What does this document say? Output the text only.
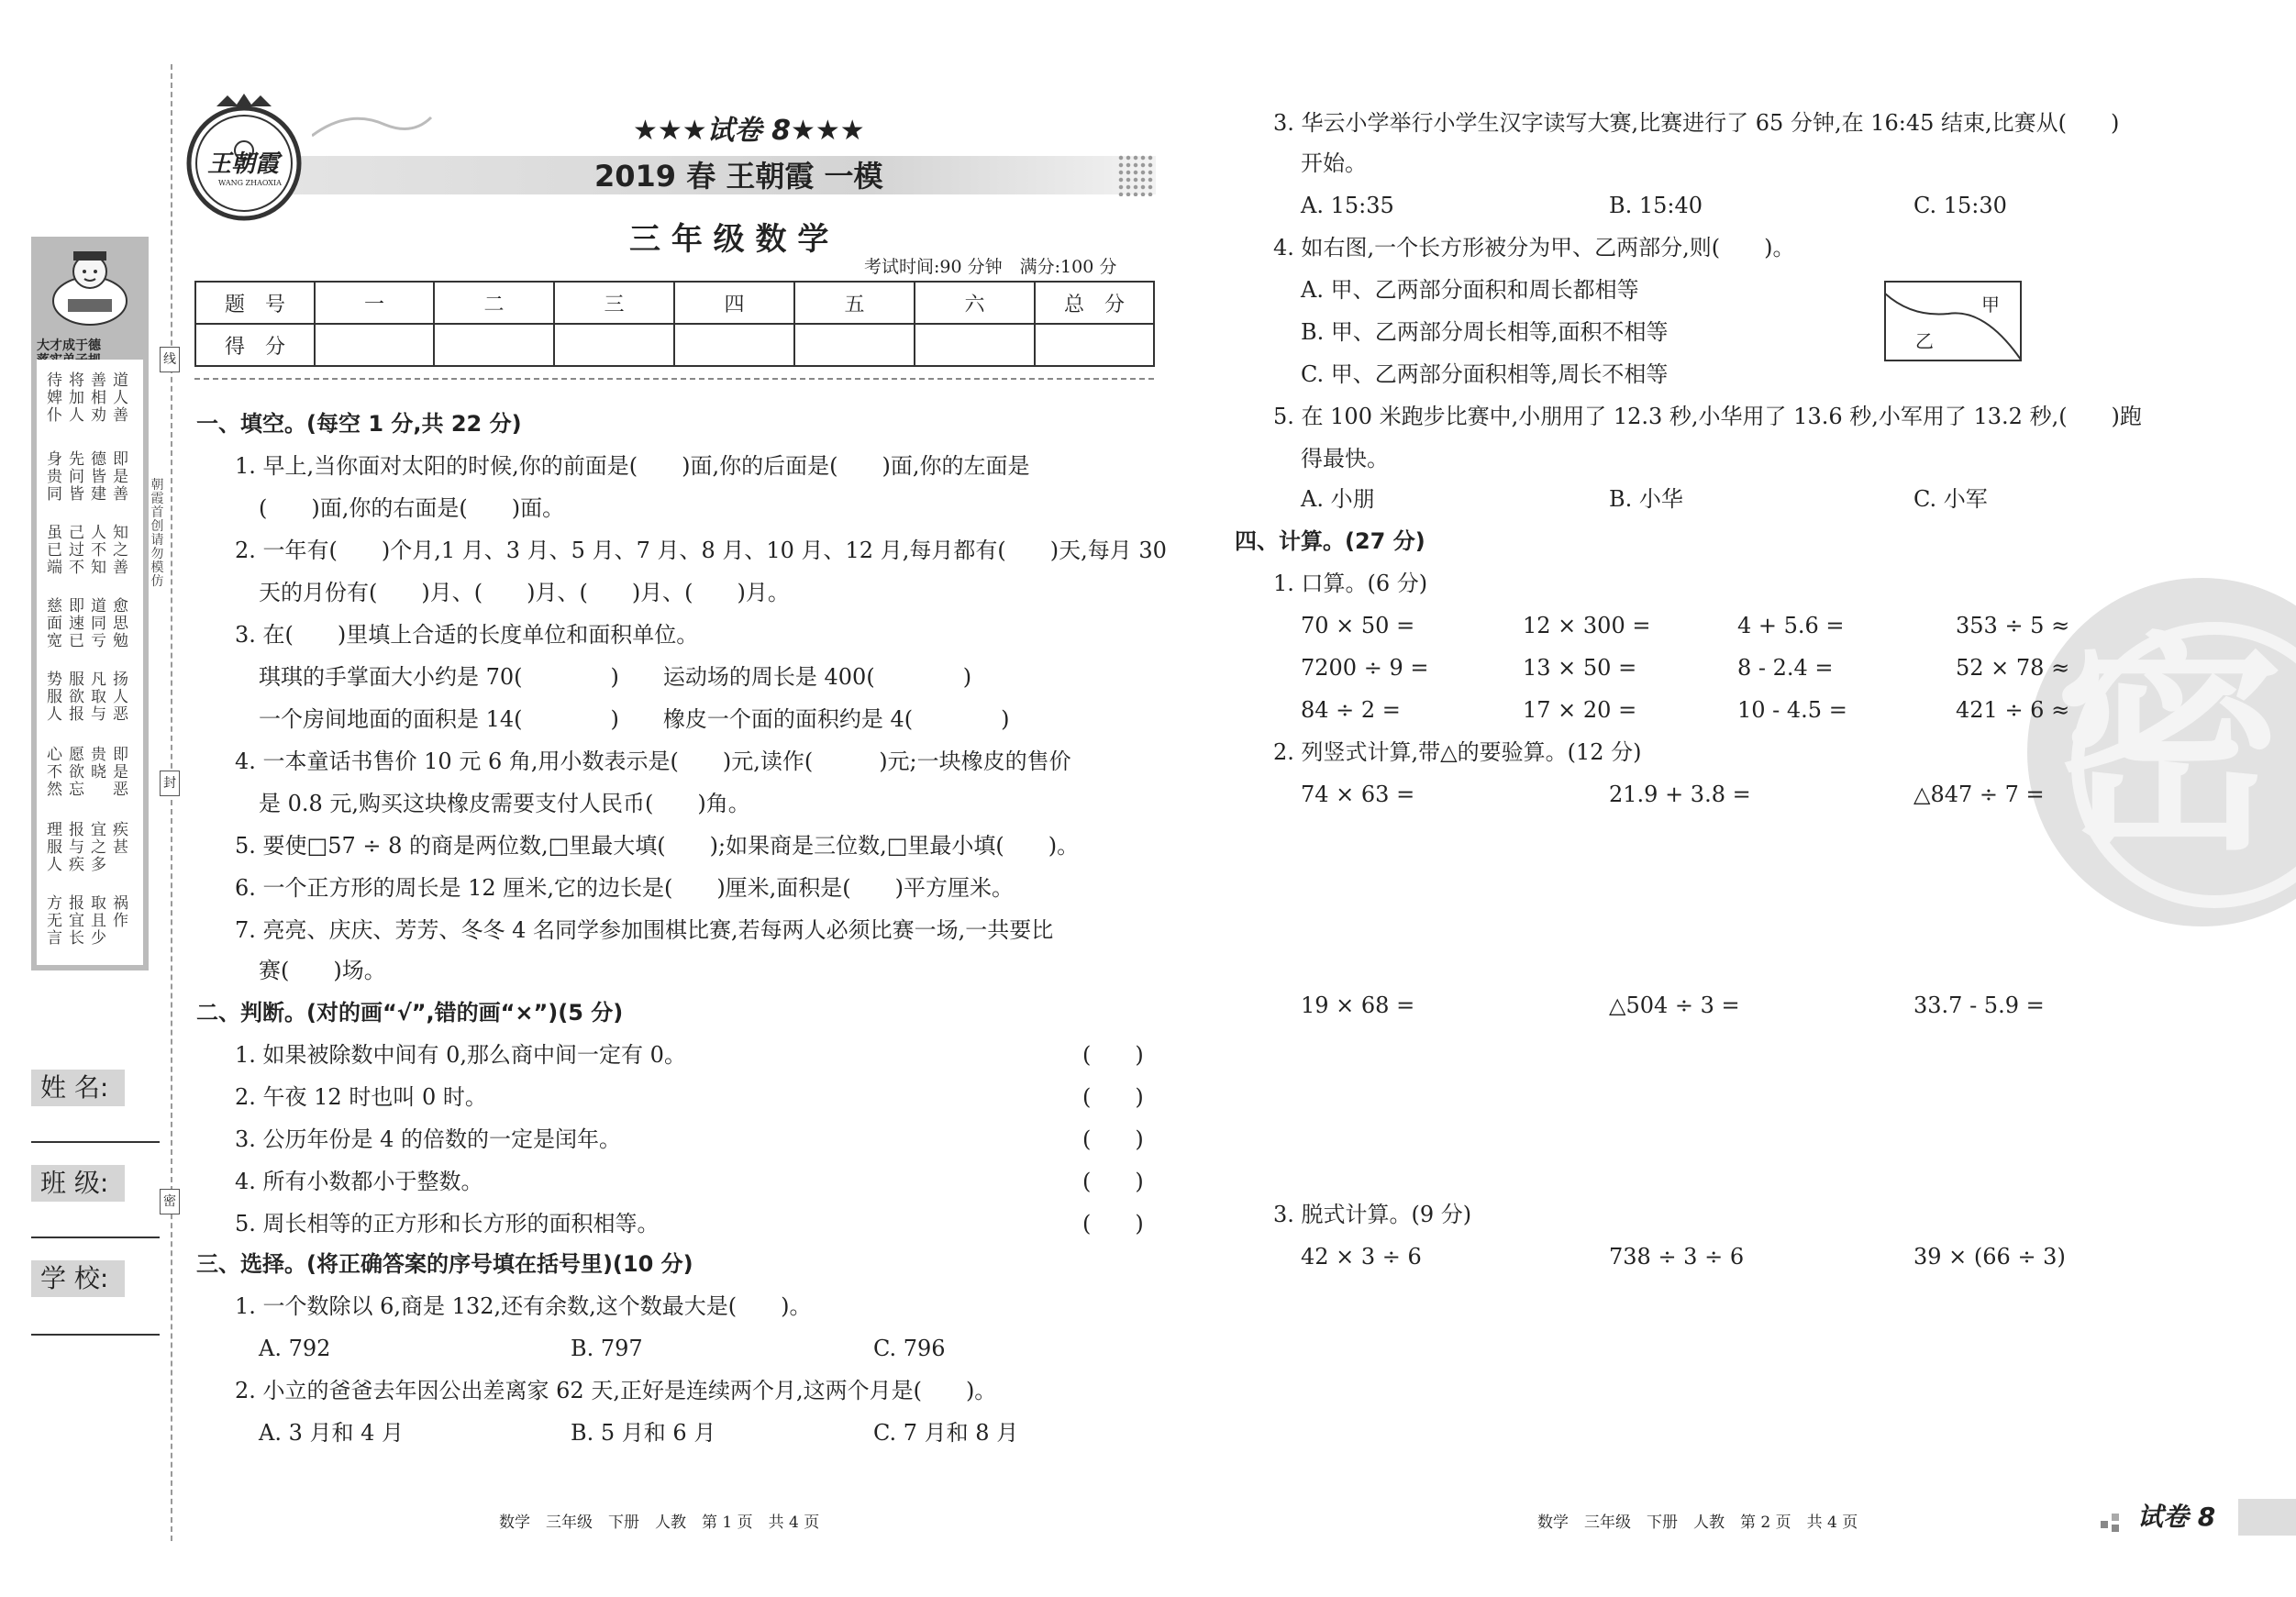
大才成于德
待婢仆
将加人
善相劝
道人善
身贵同
先问皆
德皆建
即是善
虽已端
己过不
人不知
知之善
慈面宽
即速已
道同亏
愈思勉
势服人
服欲报
凡取与
扬人恶
心不然
愿欲忘
贵晓
即是恶
理服人
报与疾
宜之多
疾甚
方无言
报宜长
取且少
祸作
线
封
密
朝霞首创 请勿模仿
姓 名:
班 级:
学 校:
王朝霞
WANG ZHAOXIA
★★★试卷 8★★★
2019 春 王朝霞 一模
三 年 级 数 学
考试时间:90 分钟　满分:100 分
题　号	一	二	三	四	五	六	总　分
得　分							
一、填空。(每空 1 分,共 22 分)
1. 早上,当你面对太阳的时候,你的前面是(　　)面,你的后面是(　　)面,你的左面是
(　　)面,你的右面是(　　)面。
2. 一年有(　　)个月,1 月、3 月、5 月、7 月、8 月、10 月、12 月,每月都有(　　)天,每月 30
天的月份有(　　)月、(　　)月、(　　)月、(　　)月。
3. 在(　　)里填上合适的长度单位和面积单位。
琪琪的手掌面大小约是 70(　　　　)　　运动场的周长是 400(　　　　)
一个房间地面的面积是 14(　　　　)　　橡皮一个面的面积约是 4(　　　　)
4. 一本童话书售价 10 元 6 角,用小数表示是(　　)元,读作(　　　)元;一块橡皮的售价
是 0.8 元,购买这块橡皮需要支付人民币(　　)角。
5. 要使□57 ÷ 8 的商是两位数,□里最大填(　　);如果商是三位数,□里最小填(　　)。
6. 一个正方形的周长是 12 厘米,它的边长是(　　)厘米,面积是(　　)平方厘米。
7. 亮亮、庆庆、芳芳、冬冬 4 名同学参加围棋比赛,若每两人必须比赛一场,一共要比
赛(　　)场。
二、判断。(对的画“√”,错的画“×”)(5 分)
1. 如果被除数中间有 0,那么商中间一定有 0。	(　　)
2. 午夜 12 时也叫 0 时。	(　　)
3. 公历年份是 4 的倍数的一定是闰年。	(　　)
4. 所有小数都小于整数。	(　　)
5. 周长相等的正方形和长方形的面积相等。	(　　)
三、选择。(将正确答案的序号填在括号里)(10 分)
1. 一个数除以 6,商是 132,还有余数,这个数最大是(　　)。
A. 792	B. 797	C. 796
2. 小立的爸爸去年因公出差离家 62 天,正好是连续两个月,这两个月是(　　)。
A. 3 月和 4 月	B. 5 月和 6 月	C. 7 月和 8 月
数学　三年级　下册　人教　第 1 页　共 4 页
密
3. 华云小学举行小学生汉字读写大赛,比赛进行了 65 分钟,在 16:45 结束,比赛从(　　)
开始。
A. 15:35	B. 15:40	C. 15:30
4. 如右图,一个长方形被分为甲、乙两部分,则(　　)。
A. 甲、乙两部分面积和周长都相等
B. 甲、乙两部分周长相等,面积不相等
C. 甲、乙两部分面积相等,周长不相等
甲
乙
5. 在 100 米跑步比赛中,小朋用了 12.3 秒,小华用了 13.6 秒,小军用了 13.2 秒,(　　)跑
得最快。
A. 小朋	B. 小华	C. 小军
四、计算。(27 分)
1. 口算。(6 分)
70 × 50 =	12 × 300 =	4 + 5.6 =	353 ÷ 5 ≈
7200 ÷ 9 =	13 × 50 =	8 - 2.4 =	52 × 78 ≈
84 ÷ 2 =	17 × 20 =	10 - 4.5 =	421 ÷ 6 ≈
2. 列竖式计算,带△的要验算。(12 分)
74 × 63 =	21.9 + 3.8 =	△847 ÷ 7 =
19 × 68 =	△504 ÷ 3 =	33.7 - 5.9 =
3. 脱式计算。(9 分)
42 × 3 ÷ 6	738 ÷ 3 ÷ 6	39 × (66 ÷ 3)
数学　三年级　下册　人教　第 2 页　共 4 页	试卷 8
